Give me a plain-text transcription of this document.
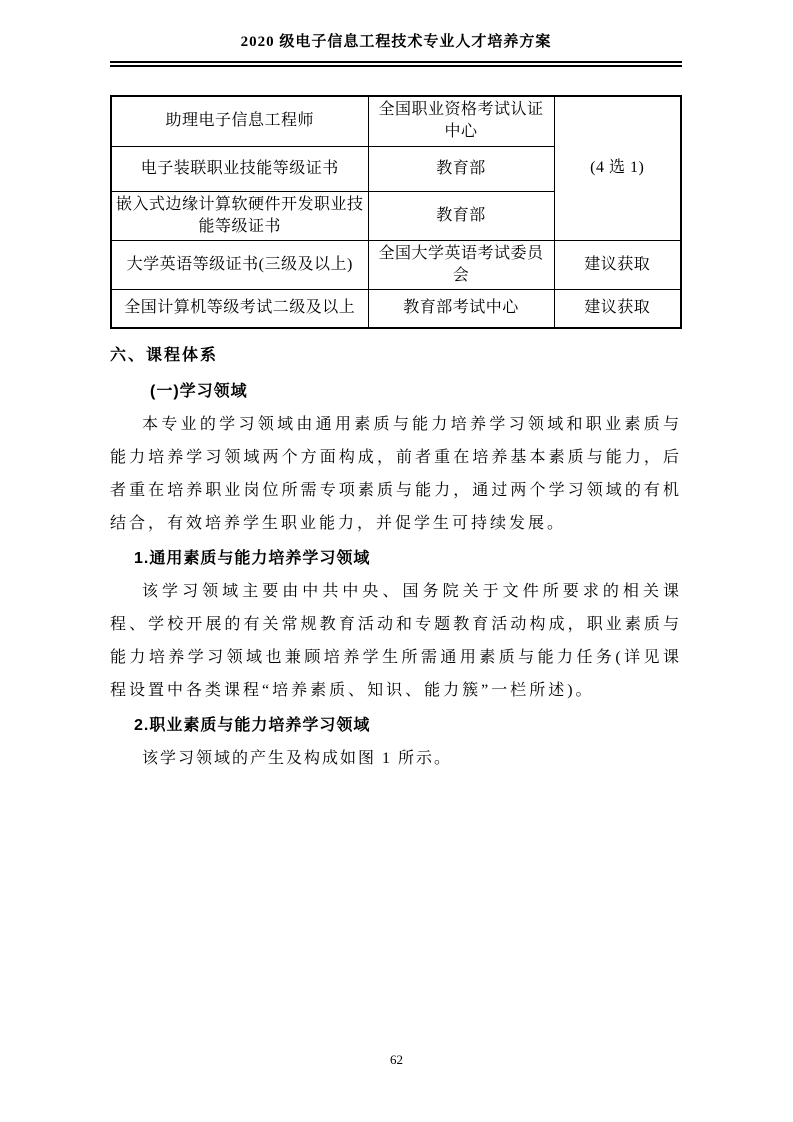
2020 级电子信息工程技术专业人才培养方案
助理电子信息工程师	全国职业资格考试认证中心	(4 选 1)
电子装联职业技能等级证书	教育部	
嵌入式边缘计算软硬件开发职业技能等级证书	教育部	
大学英语等级证书(三级及以上)	全国大学英语考试委员会	建议获取
全国计算机等级考试二级及以上	教育部考试中心	建议获取
六、课程体系
(一)学习领域

本专业的学习领域由通用素质与能力培养学习领域和职业素质与能力培养学习领域两个方面构成，前者重在培养基本素质与能力，后者重在培养职业岗位所需专项素质与能力，通过两个学习领域的有机结合，有效培养学生职业能力，并促学生可持续发展。

1.通用素质与能力培养学习领域

该学习领域主要由中共中央、国务院关于文件所要求的相关课程、学校开展的有关常规教育活动和专题教育活动构成，职业素质与能力培养学习领域也兼顾培养学生所需通用素质与能力任务(详见课程设置中各类课程“培养素质、知识、能力簇”一栏所述)。

2.职业素质与能力培养学习领域

该学习领域的产生及构成如图 1 所示。

62
